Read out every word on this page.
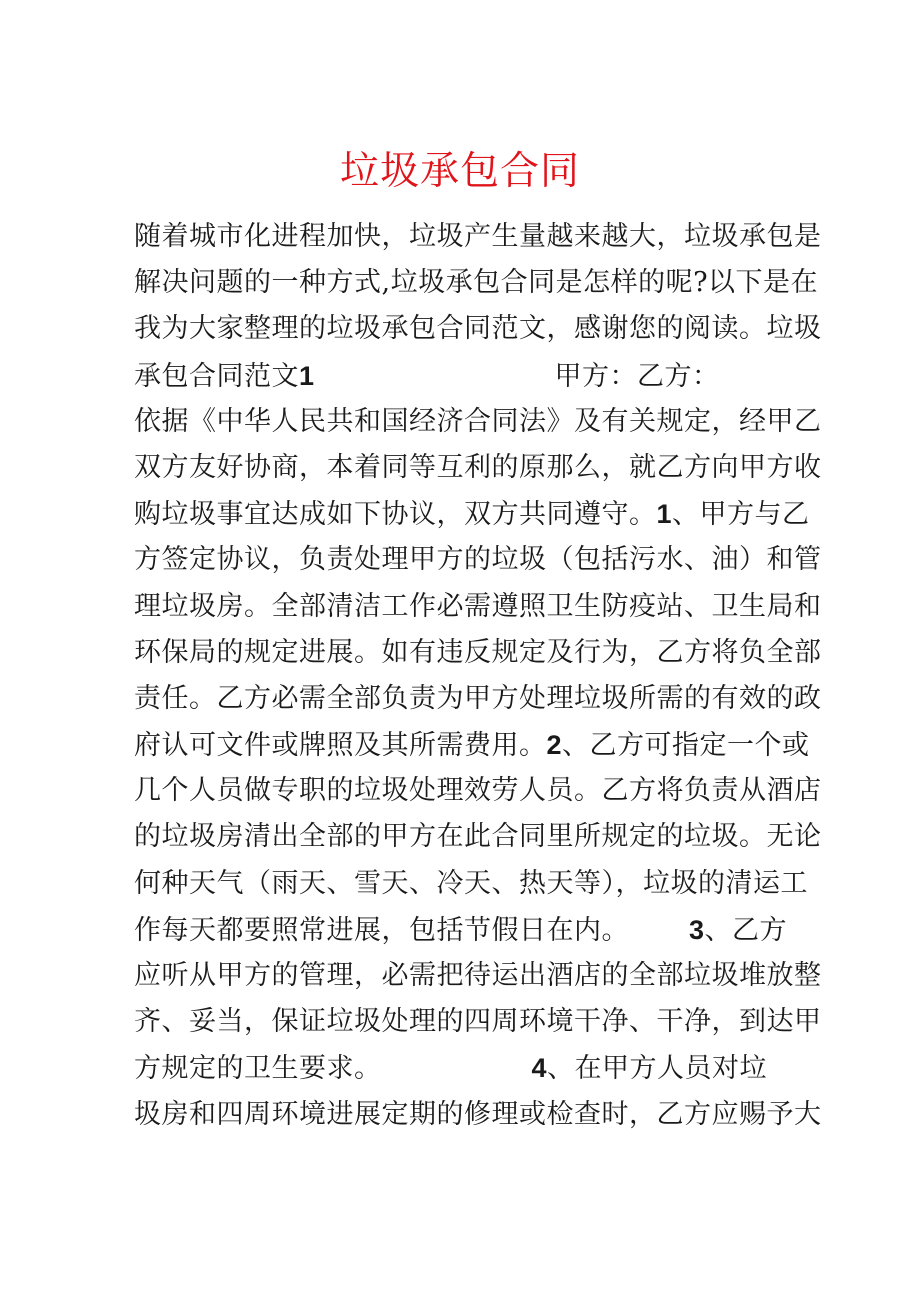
垃圾承包合同
随着城市化进程加快，垃圾产生量越来越大，垃圾承包是
解决问题的一种方式,垃圾承包合同是怎样的呢?以下是在
我为大家整理的垃圾承包合同范文，感谢您的阅读。垃圾
承包合同范文1	甲方：乙方：
依据《中华人民共和国经济合同法》及有关规定，经甲乙
双方友好协商，本着同等互利的原那么，就乙方向甲方收
购垃圾事宜达成如下协议，双方共同遵守。1、甲方与乙
方签定协议，负责处理甲方的垃圾（包括污水、油）和管
理垃圾房。全部清洁工作必需遵照卫生防疫站、卫生局和
环保局的规定进展。如有违反规定及行为，乙方将负全部
责任。乙方必需全部负责为甲方处理垃圾所需的有效的政
府认可文件或牌照及其所需费用。2、乙方可指定一个或
几个人员做专职的垃圾处理效劳人员。乙方将负责从酒店
的垃圾房清出全部的甲方在此合同里所规定的垃圾。无论
何种天气（雨天、雪天、冷天、热天等），垃圾的清运工
作每天都要照常进展，包括节假日在内。 3、乙方
应听从甲方的管理，必需把待运出酒店的全部垃圾堆放整
齐、妥当，保证垃圾处理的四周环境干净、干净，到达甲
方规定的卫生要求。	4、在甲方人员对垃
圾房和四周环境进展定期的修理或检查时，乙方应赐予大
